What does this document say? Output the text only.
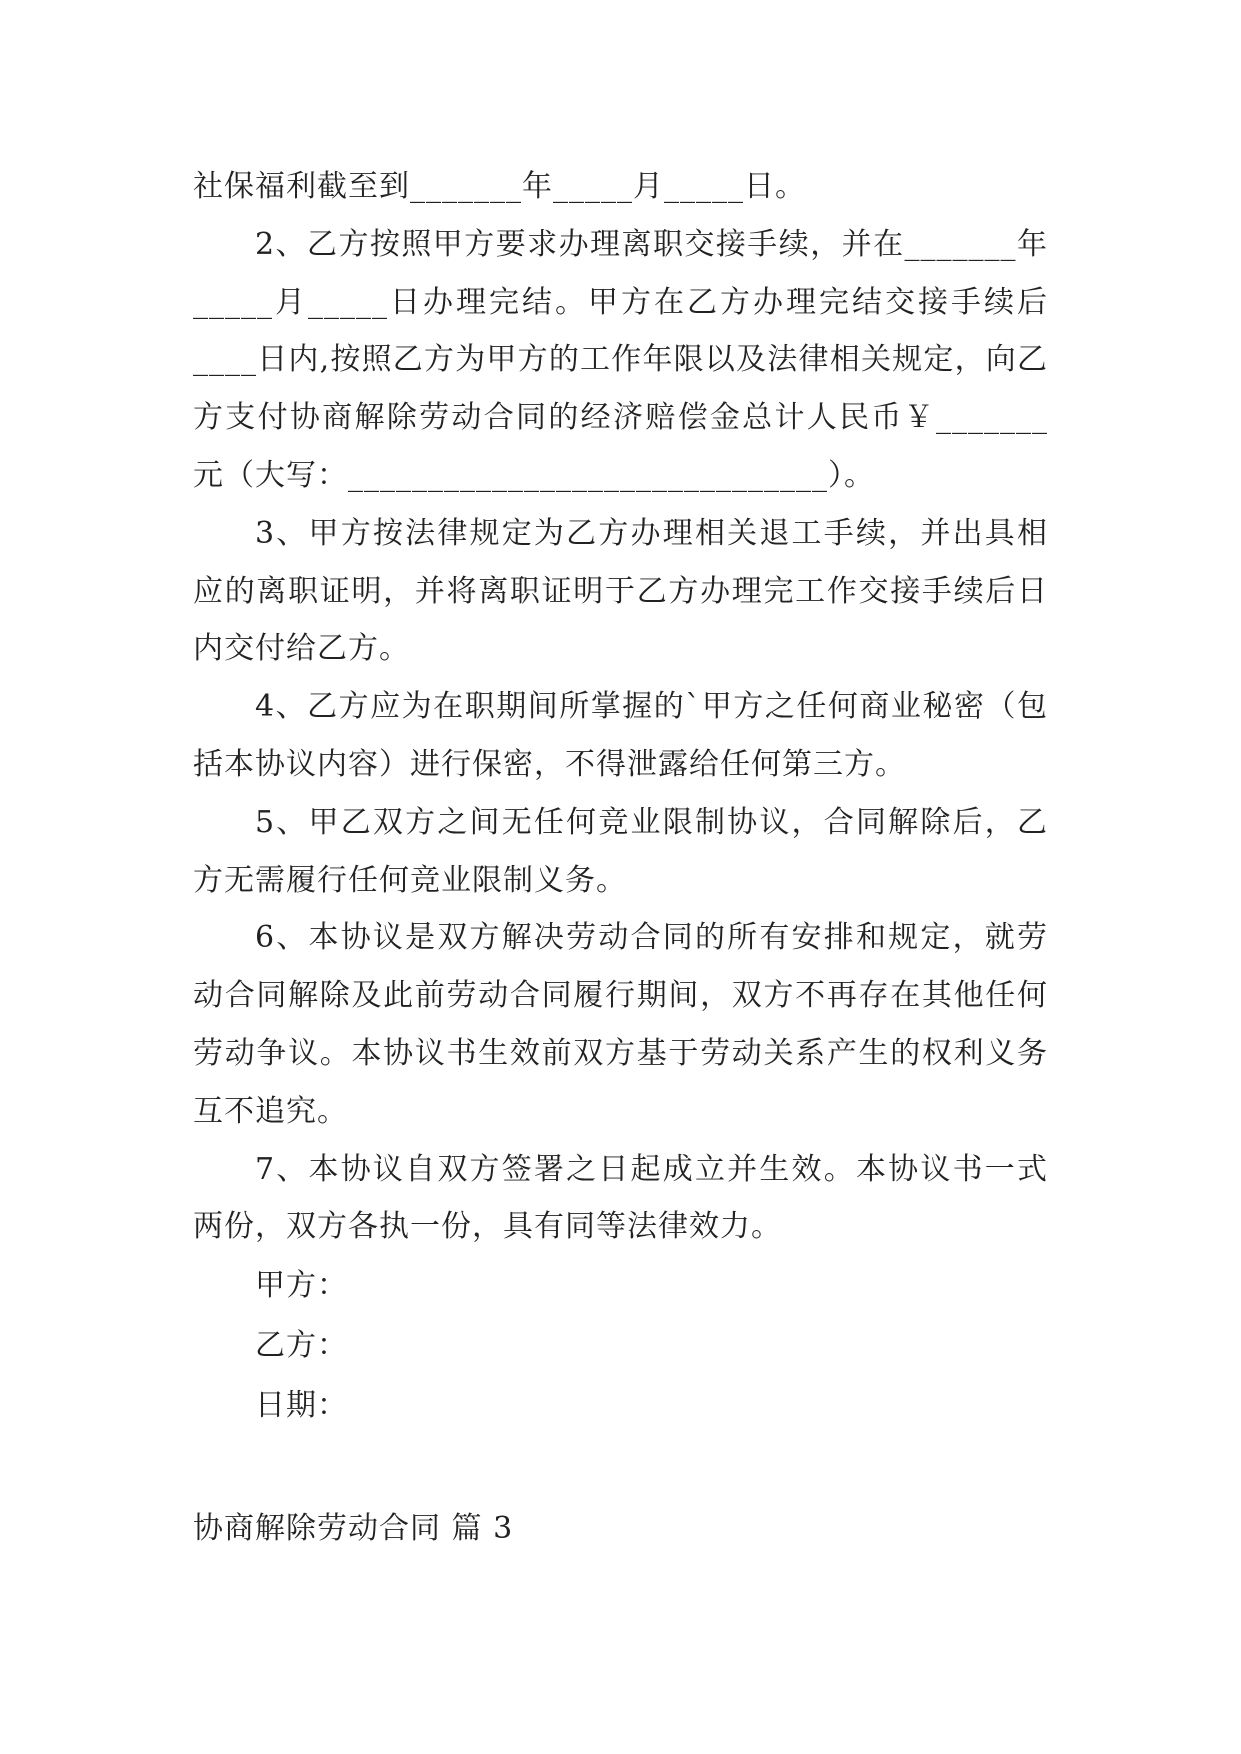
社保福利截至到_______年_____月_____日。

2、乙方按照甲方要求办理离职交接手续，并在_______年_____月_____日办理完结。甲方在乙方办理完结交接手续后____日内,按照乙方为甲方的工作年限以及法律相关规定，向乙方支付协商解除劳动合同的经济赔偿金总计人民币￥_______元（大写：______________________________）。

3、甲方按法律规定为乙方办理相关退工手续，并出具相应的离职证明，并将离职证明于乙方办理完工作交接手续后日内交付给乙方。

4、乙方应为在职期间所掌握的`甲方之任何商业秘密（包括本协议内容）进行保密，不得泄露给任何第三方。

5、甲乙双方之间无任何竞业限制协议，合同解除后，乙方无需履行任何竞业限制义务。

6、本协议是双方解决劳动合同的所有安排和规定，就劳动合同解除及此前劳动合同履行期间，双方不再存在其他任何劳动争议。本协议书生效前双方基于劳动关系产生的权利义务互不追究。

7、本协议自双方签署之日起成立并生效。本协议书一式两份，双方各执一份，具有同等法律效力。

甲方：

乙方：

日期：

协商解除劳动合同 篇 3
